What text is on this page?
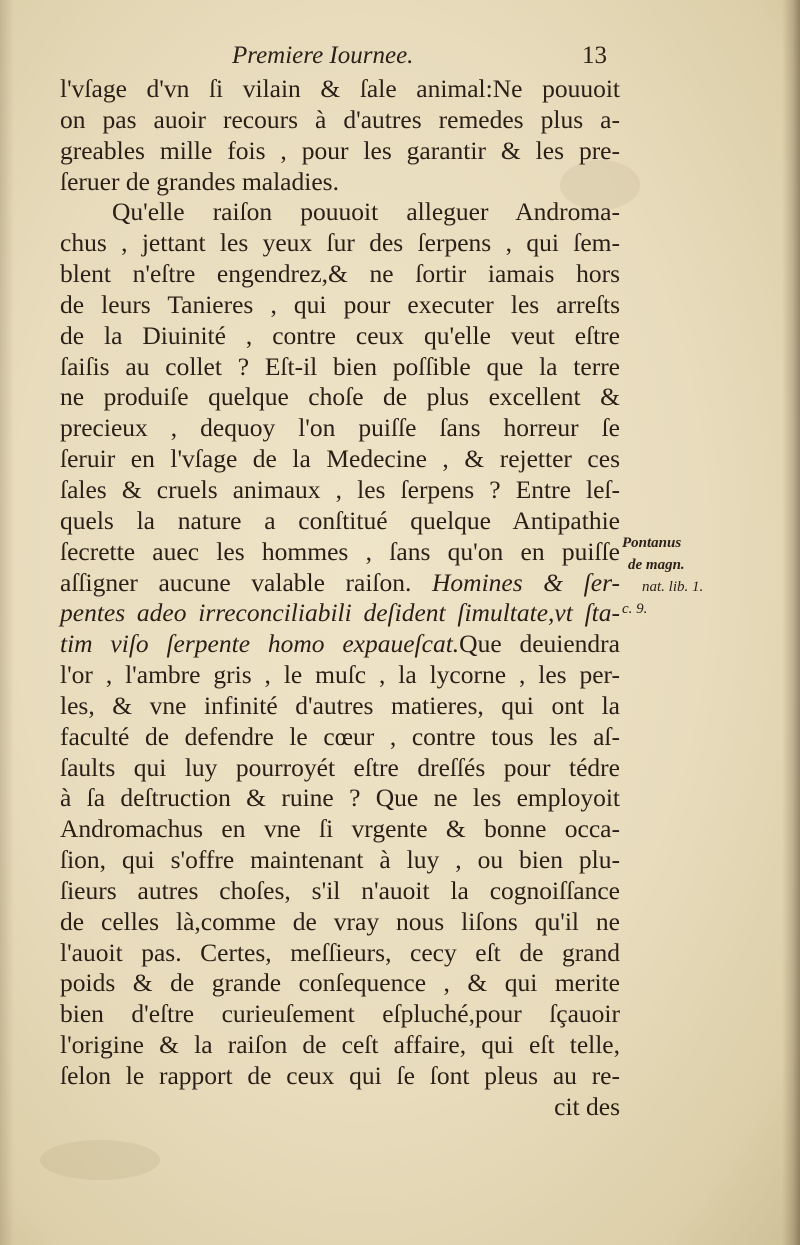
Premiere Iournee.	13
l'vſage d'vn ſi vilain & ſale animal:Ne pouuoit
on pas auoir recours à d'autres remedes plus a-
greables mille fois , pour les garantir & les pre-
ſeruer de grandes maladies.
Qu'elle raiſon pouuoit alleguer Androma-
chus , jettant les yeux ſur des ſerpens , qui ſem-
blent n'eſtre engendrez,& ne ſortir iamais hors
de leurs Tanieres , qui pour executer les arreſts
de la Diuinité , contre ceux qu'elle veut eſtre
ſaiſis au collet ? Eſt-il bien poſſible que la terre
ne produiſe quelque choſe de plus excellent &
precieux , dequoy l'on puiſſe ſans horreur ſe
ſeruir en l'vſage de la Medecine , & rejetter ces
ſales & cruels animaux , les ſerpens ? Entre leſ-
quels la nature a conſtitué quelque Antipathie
ſecrette auec les hommes , ſans qu'on en puiſſe
aſſigner aucune valable raiſon. Homines & ſer-
pentes adeo irreconciliabili deſident ſimultate,vt ſta-
tim viſo ſerpente homo expaueſcat.Que deuiendra
l'or , l'ambre gris , le muſc , la lycorne , les per-
les, & vne infinité d'autres matieres, qui ont la
faculté de defendre le cœur , contre tous les aſ-
ſaults qui luy pourroyét eſtre dreſſés pour tédre
à ſa deſtruction & ruine ? Que ne les employoit
Andromachus en vne ſi vrgente & bonne occa-
ſion, qui s'offre maintenant à luy , ou bien plu-
ſieurs autres choſes, s'il n'auoit la cognoiſſance
de celles là,comme de vray nous liſons qu'il ne
l'auoit pas. Certes, meſſieurs, cecy eſt de grand
poids & de grande conſequence , & qui merite
bien d'eſtre curieuſement eſpluché,pour ſçauoir
l'origine & la raiſon de ceſt affaire, qui eſt telle,
ſelon le rapport de ceux qui ſe ſont pleus au re-
cit des
Pontanus
de magn.
nat. lib. 1.
c. 9.
